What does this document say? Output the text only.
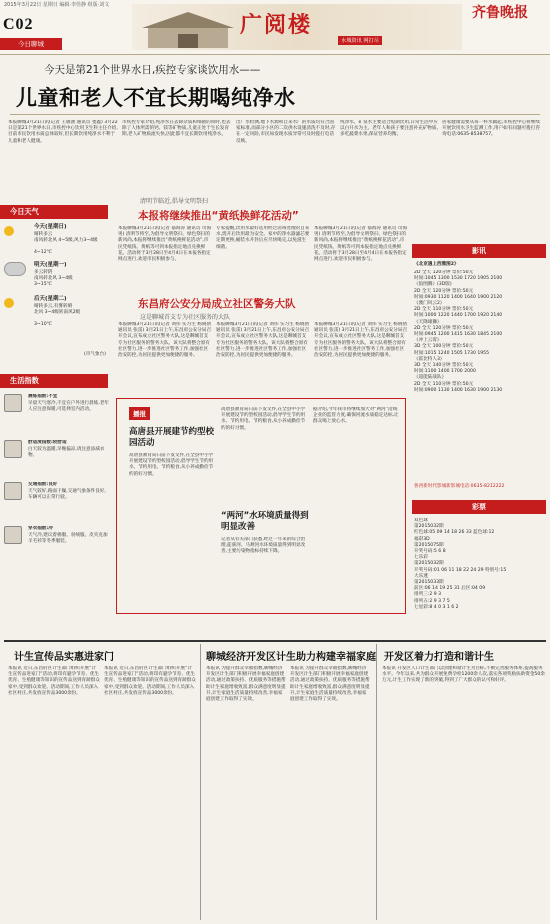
2015年3月22日 星期日 编辑·李佳静 组版·刘文
C02
今日聊城
广阅楼
水城资讯 网打尽
齐鲁晚报
今天是第21个世界水日,疾控专家谈饮用水——
儿童和老人不宜长期喝纯净水
本报聊城3月21日讯(记者 王敏涵 通讯员 娄鑫) 3月22日是第21个世界水日,市疾控中心饮用卫生科主任介绍,目前市民饮用水质总体较好,但长期饮用纯净水不利于儿童和老人健康。
市疾控专家介绍,纯净水在去除杂质和细菌的同时,也去除了人体所需的钙、镁等矿物质,儿童正处于生长发育期,老人矿物质流失快,因此都不宜长期饮用纯净水。
出厂水检测,地下水源和自来水厂的水质均符合国家标准,而部分小区的二次供水设施清洗不及时,存在一定风险,市民如发现水质异常可及时拨打电话反映。
纯净水、矿泉水主要适合短期饮用,日常生活中应以白开水为主。老年人和孩子要注意补充矿物质,多吃蔬菜水果,保证营养均衡。
居家健康需要从每一杯水做起,市疾控中心将继续开展饮用水卫生监测工作,用户如有问题可拨打咨询电话:0635-8538757。
今日天气
今天(星期日)
晴转多云
南风转北风 4~5级,风力3~4级
4~12℃
明天(星期一)
多云转阴
南风转北风 3~4级
3~15℃
后天(星期二)
晴转多云,有雾转晴
北风 3~4级转南风2级
3~10℃
(市气象台)
生活指数
晨练指数:不宜
早晨天气寒冷,不宜在户外进行晨练,老年人应注意保暖,可选择室内活动。
舒适度指数:较舒适
白天较为温暖,早晚偏凉,请注意添减衣物。
交通指数:良好
天气较好,路面干燥,交通气象条件良好,车辆可以正常行驶。
穿衣指数:冷
天气冷,建议着棉服、羽绒服、皮夹克加羊毛衫等冬季服装。
清明节临近,倡导文明祭扫
本报将继续推出“黄纸换鲜花活动”
本报聊城3月21日讯(记者 郁海涛 通讯员 司海男) 清明节将至,为倡导文明祭扫、绿色祭扫的新风尚,本报将继续推出“黄纸换鲜花活动”,市民凭纸钱、黄纸等可到本报指定地点兑换鲜花。活动将于3月28日至4月4日在本报各指定网点进行,欢迎市民积极参与。
专家提醒,饮用水最好选用经过消毒处理的自来水,烧开后饮用最为安全。家中的净水器滤芯要定期更换,桶装水开封后应尽快喝完,以免滋生细菌。
本报聊城3月21日讯(记者 郁海涛 通讯员 司海男) 清明节将至,为倡导文明祭扫、绿色祭扫的新风尚,本报将继续推出“黄纸换鲜花活动”,市民凭纸钱、黄纸等可到本报指定地点兑换鲜花。活动将于3月28日至4月4日在本报各指定网点进行,欢迎市民积极参与。
东昌府公安分局成立社区警务大队
这是聊城首支专为社区服务的大队
本报聊城3月21日讯(记者 刘伟 实习生 杨晓倩 通讯员 张雷) 3月21日上午,东昌府公安分局召开会议,宣布成立社区警务大队,这是聊城首支专为社区服务的警务大队。该大队将整合原有社区警力,进一步推进社区警务工作,加强社区治安防控,为居民提供更加便捷的服务。
本报聊城3月21日讯(记者 刘伟 实习生 杨晓倩 通讯员 张雷) 3月21日上午,东昌府公安分局召开会议,宣布成立社区警务大队,这是聊城首支专为社区服务的警务大队。该大队将整合原有社区警力,进一步推进社区警务工作,加强社区治安防控,为居民提供更加便捷的服务。
本报聊城3月21日讯(记者 刘伟 实习生 杨晓倩 通讯员 张雷) 3月21日上午,东昌府公安分局召开会议,宣布成立社区警务大队,这是聊城首支专为社区服务的警务大队。该大队将整合原有社区警力,进一步推进社区警务工作,加强社区治安防控,为居民提供更加便捷的服务。
播报
高唐县开展建节约型校园活动
高唐县教育局日前下发文件,在全县中小学开展建设节约型校园活动,倡导学生节约用水、节约用电、节约粮食,从小养成勤俭节约的好习惯。
高唐县教育局日前下发文件,在全县中小学开展建设节约型校园活动,倡导学生节约用水、节约用电、节约粮食,从小养成勤俭节约的好习惯。
“两河”水环境质量得到明显改善
记者从有关部门获悉,经过一年来的综合治理,徒骇河、马颊河水环境质量得到明显改善,主要污染物指标持续下降。
据介绍,今年我市将继续加大对“两河”沿线企业的监管力度,确保河流水质稳定达标,让群众喝上放心水。
影讯
《北京遇上西雅图2》
2D 全天 120分钟 票价:50元
时间:1045 1300 1530 1720 1905 2100
《狼图腾》(3D版)
2D 全天 120分钟 票价:50元
时间:0930 1120 1400 1640 1900 2120
《澳门风云2》
2D 全天 110分钟 票价:50元
时间:1000 1220 1440 1700 1920 2140
《天降雄狮》
2D 全天 120分钟 票价:50元
时间:0945 1200 1415 1630 1845 2100
《冲上云霄》
3D 全天 100分钟 票价:50元
时间:1015 1240 1505 1730 1955
《霍比特人3》
3D 全天 140分钟 票价:50元
时间:1100 1400 1700 2000
《超能陆战队》
2D 全天 110分钟 票价:50元
时间:0900 1130 1400 1630 1900 2130
鲁西新时代影城新影城电话:0635-8212222
彩票
双色球
第2015032期
红色球:05 09 14 18 26 33 蓝色球:12
福彩3D
第2015075期
开奖号码:5 6 8
七乐彩
第2015032期
开奖号码:01 06 11 18 22 24 29 特别号:15
大乐透
第2015033期
前区:06 14 19 25 31 后区:04 09
排列三:2 9 3
排列五:2 9 3 7 5
七星彩:8 4 0 3 1 6 2
计生宣传品实惠进家门
本报讯 近日,东昌府区计生部门组织开展“计生宣传品进家门”活动,将印有避孕节育、优生优育、生殖健康等知识的宣传品送到育龄群众家中,受到群众欢迎。活动期间,工作人员深入社区村庄,共发放宣传品3000余份。
本报讯 近日,东昌府区计生部门组织开展“计生宣传品进家门”活动,将印有避孕节育、优生优育、生殖健康等知识的宣传品送到育龄群众家中,受到群众欢迎。活动期间,工作人员深入社区村庄,共发放宣传品3000余份。
聊城经济开发区计生助力构建幸福家庭
本报讯 为提升群众幸福指数,聊城经济开发区计生部门积极开展幸福家庭创建活动,通过政策扶持、优质服务等措施帮助计生家庭增收致富,群众满意度明显提升,计生家庭生活质量持续改善,幸福家庭创建工作取得了实效。
本报讯 为提升群众幸福指数,聊城经济开发区计生部门积极开展幸福家庭创建活动,通过政策扶持、优质服务等措施帮助计生家庭增收致富,群众满意度明显提升,计生家庭生活质量持续改善,幸福家庭创建工作取得了实效。
开发区着力打造和谐计生
本报讯 开发区人口计生部门以创建和谐计生为目标,不断完善服务体系,提高服务水平。今年以来,共为群众开展免费孕检1200余人次,落实各项奖励扶助资金50余万元,计生工作实现了新的突破,得到了广大群众的认可和好评。
